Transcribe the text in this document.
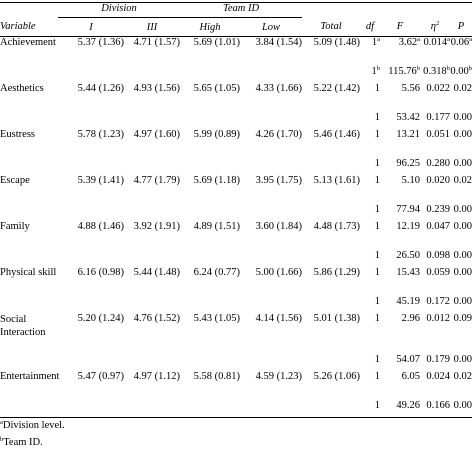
	Division		Team ID						
Variable	I	III	High	Low	Total	df	F	$\eta^2$	P
Achievement	5.37 (1.36)	4.71 (1.57)	5.69 (1.01)	3.84 (1.54)	5.09 (1.48)	1$^a$	3.62$^a$	0.014$^a$	0.06$^a$
						1$^b$	115.76$^b$	0.318$^b$	0.00$^b$
Aesthetics	5.44 (1.26)	4.93 (1.56)	5.65 (1.05)	4.33 (1.66)	5.22 (1.42)	1	5.56	0.022	0.02
						1	53.42	0.177	0.00
Eustress	5.78 (1.23)	4.97 (1.60)	5.99 (0.89)	4.26 (1.70)	5.46 (1.46)	1	13.21	0.051	0.00
						1	96.25	0.280	0.00
Escape	5.39 (1.41)	4.77 (1.79)	5.69 (1.18)	3.95 (1.75)	5.13 (1.61)	1	5.10	0.020	0.02
						1	77.94	0.239	0.00
Family	4.88 (1.46)	3.92 (1.91)	4.89 (1.51)	3.60 (1.84)	4.48 (1.73)	1	12.19	0.047	0.00
						1	26.50	0.098	0.00
Physical skill	6.16 (0.98)	5.44 (1.48)	6.24 (0.77)	5.00 (1.66)	5.86 (1.29)	1	15.43	0.059	0.00
						1	45.19	0.172	0.00
Social
Interaction	5.20 (1.24)	4.76 (1.52)	5.43 (1.05)	4.14 (1.56)	5.01 (1.38)	1	2.96	0.012	0.09
						1	54.07	0.179	0.00
Entertainment	5.47 (0.97)	4.97 (1.12)	5.58 (0.81)	4.59 (1.23)	5.26 (1.06)	1	6.05	0.024	0.02
						1	49.26	0.166	0.00
$^a$Division level.
$^b$Team ID.
